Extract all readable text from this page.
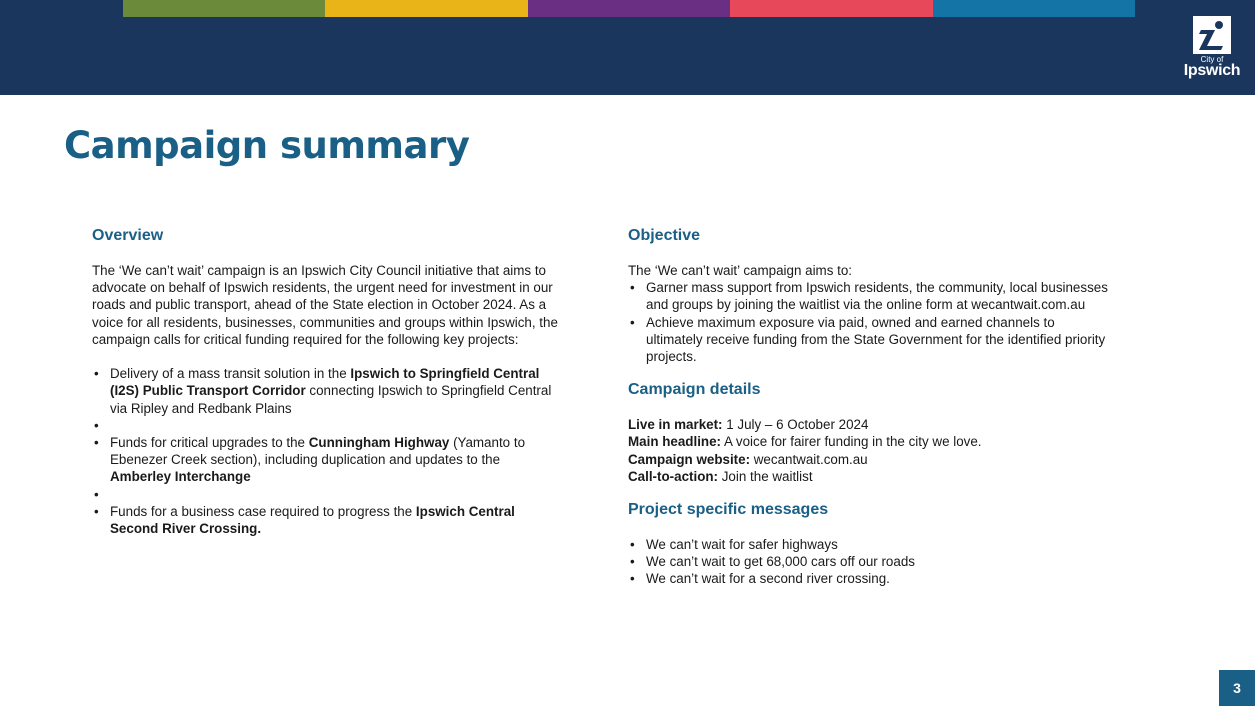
City of
Ipswich
Campaign summary
Overview

The ‘We can’t wait’ campaign is an Ipswich City Council initiative that aims to advocate on behalf of Ipswich residents, the urgent need for investment in our roads and public transport, ahead of the State election in October 2024. As a voice for all residents, businesses, communities and groups within Ipswich, the campaign calls for critical funding required for the following key projects:

• Delivery of a mass transit solution in the Ipswich to Springfield Central (I2S) Public Transport Corridor connecting Ipswich to Springfield Central via Ripley and Redbank Plains
•
• Funds for critical upgrades to the Cunningham Highway (Yamanto to Ebenezer Creek section), including duplication and updates to the Amberley Interchange
•
• Funds for a business case required to progress the Ipswich Central Second River Crossing.
Objective

The ‘We can’t wait’ campaign aims to:

• Garner mass support from Ipswich residents, the community, local businesses and groups by joining the waitlist via the online form at wecantwait.com.au
• Achieve maximum exposure via paid, owned and earned channels to ultimately receive funding from the State Government for the identified priority projects.
Campaign details
Live in market: 1 July – 6 October 2024
Main headline: A voice for fairer funding in the city we love.
Campaign website: wecantwait.com.au
Call-to-action: Join the waitlist
Project specific messages
• We can’t wait for safer highways
• We can’t wait to get 68,000 cars off our roads
• We can’t wait for a second river crossing.
3
